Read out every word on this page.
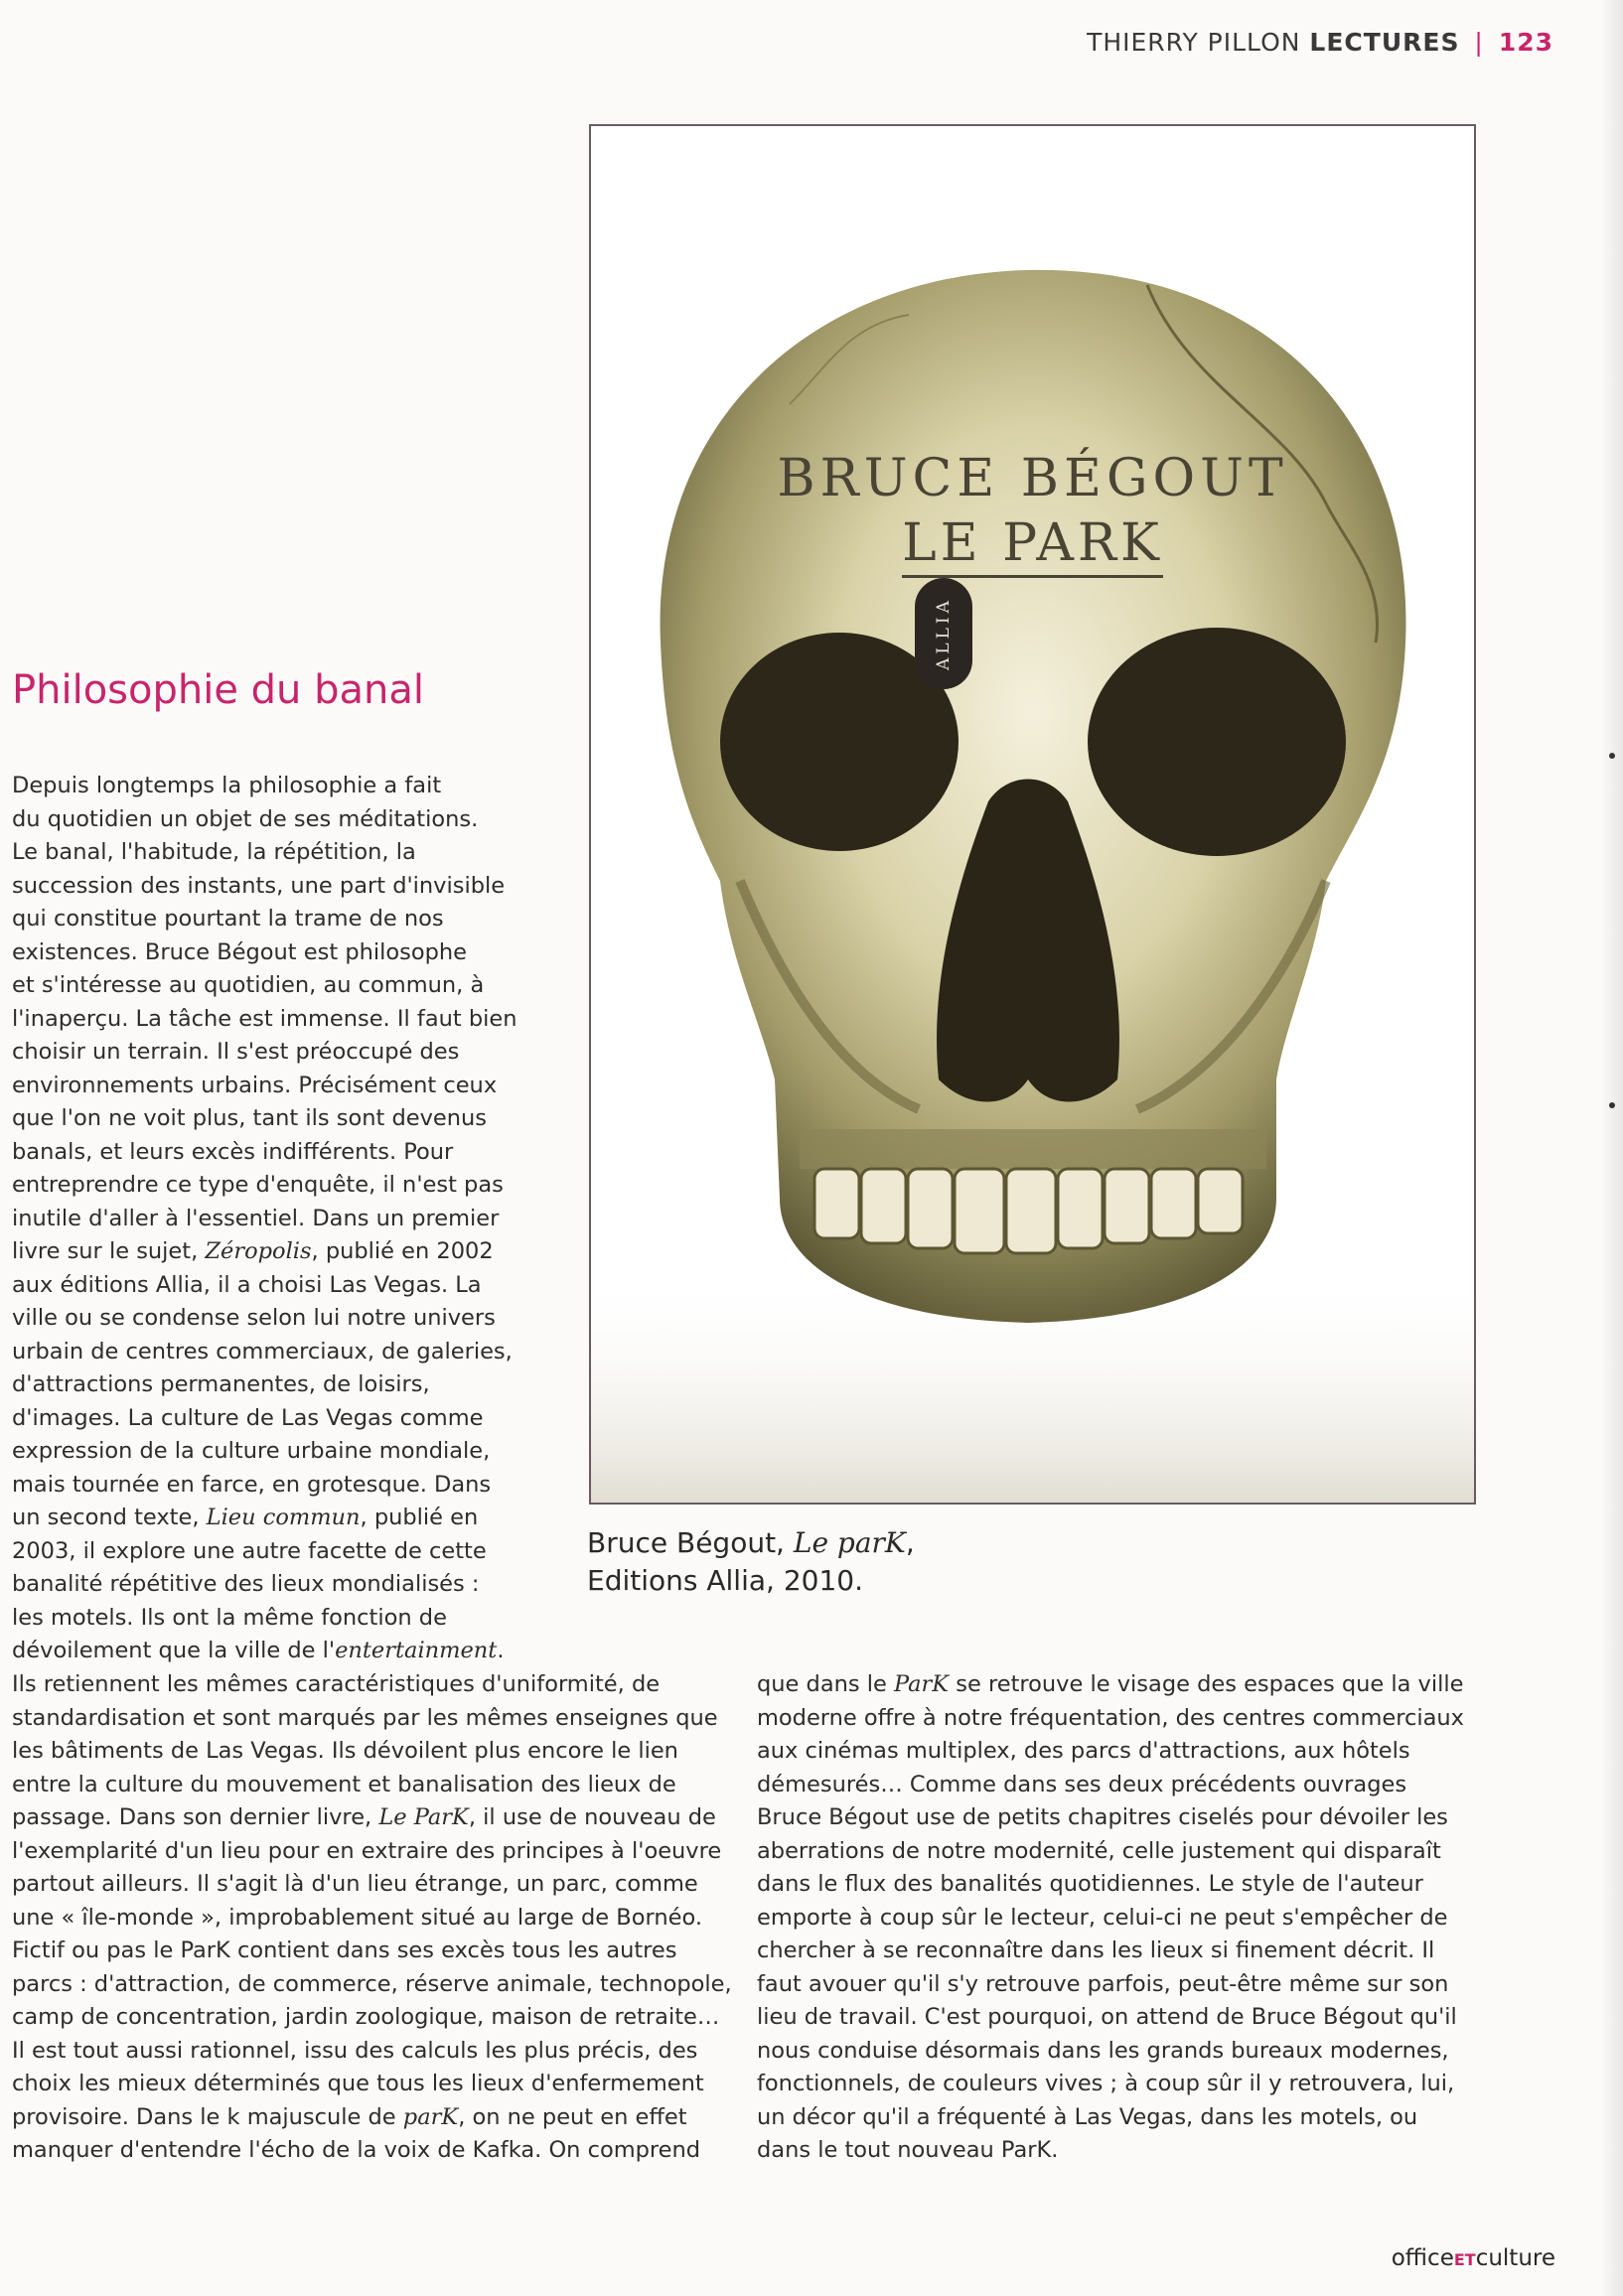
THIERRY PILLON LECTURES | 123
BRUCE BÉGOUT
LE PARK
ALLIA
Bruce Bégout, Le parK,
Editions Allia, 2010.
Philosophie du banal
Depuis longtemps la philosophie a fait
du quotidien un objet de ses méditations.
Le banal, l'habitude, la répétition, la
succession des instants, une part d'invisible
qui constitue pourtant la trame de nos
existences. Bruce Bégout est philosophe
et s'intéresse au quotidien, au commun, à
l'inaperçu. La tâche est immense. Il faut bien
choisir un terrain. Il s'est préoccupé des
environnements urbains. Précisément ceux
que l'on ne voit plus, tant ils sont devenus
banals, et leurs excès indifférents. Pour
entreprendre ce type d'enquête, il n'est pas
inutile d'aller à l'essentiel. Dans un premier
livre sur le sujet, Zéropolis, publié en 2002
aux éditions Allia, il a choisi Las Vegas. La
ville ou se condense selon lui notre univers
urbain de centres commerciaux, de galeries,
d'attractions permanentes, de loisirs,
d'images. La culture de Las Vegas comme
expression de la culture urbaine mondiale,
mais tournée en farce, en grotesque. Dans
un second texte, Lieu commun, publié en
2003, il explore une autre facette de cette
banalité répétitive des lieux mondialisés :
les motels. Ils ont la même fonction de
dévoilement que la ville de l'entertainment.
Ils retiennent les mêmes caractéristiques d'uniformité, de
standardisation et sont marqués par les mêmes enseignes que
les bâtiments de Las Vegas. Ils dévoilent plus encore le lien
entre la culture du mouvement et banalisation des lieux de
passage. Dans son dernier livre, Le ParK, il use de nouveau de
l'exemplarité d'un lieu pour en extraire des principes à l'oeuvre
partout ailleurs. Il s'agit là d'un lieu étrange, un parc, comme
une « île-monde », improbablement situé au large de Bornéo.
Fictif ou pas le ParK contient dans ses excès tous les autres
parcs : d'attraction, de commerce, réserve animale, technopole,
camp de concentration, jardin zoologique, maison de retraite…
Il est tout aussi rationnel, issu des calculs les plus précis, des
choix les mieux déterminés que tous les lieux d'enfermement
provisoire. Dans le k majuscule de parK, on ne peut en effet
manquer d'entendre l'écho de la voix de Kafka. On comprend
que dans le ParK se retrouve le visage des espaces que la ville
moderne offre à notre fréquentation, des centres commerciaux
aux cinémas multiplex, des parcs d'attractions, aux hôtels
démesurés… Comme dans ses deux précédents ouvrages
Bruce Bégout use de petits chapitres ciselés pour dévoiler les
aberrations de notre modernité, celle justement qui disparaît
dans le flux des banalités quotidiennes. Le style de l'auteur
emporte à coup sûr le lecteur, celui-ci ne peut s'empêcher de
chercher à se reconnaître dans les lieux si finement décrit. Il
faut avouer qu'il s'y retrouve parfois, peut-être même sur son
lieu de travail. C'est pourquoi, on attend de Bruce Bégout qu'il
nous conduise désormais dans les grands bureaux modernes,
fonctionnels, de couleurs vives ; à coup sûr il y retrouvera, lui,
un décor qu'il a fréquenté à Las Vegas, dans les motels, ou
dans le tout nouveau ParK.
officeETculture
